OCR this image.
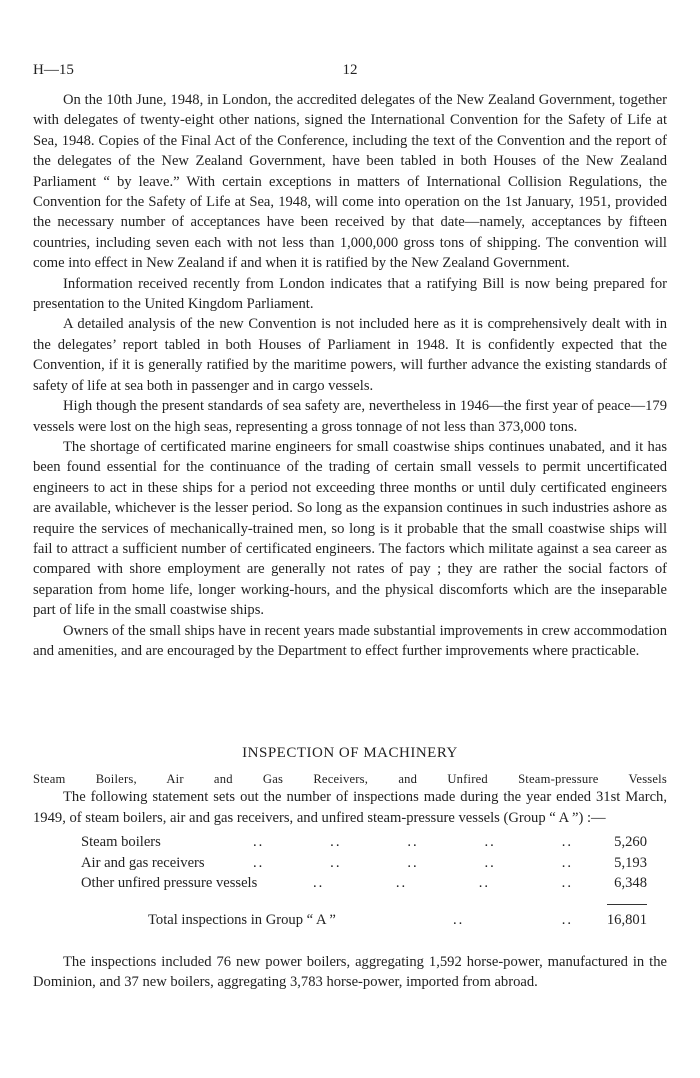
H—15	12

On the 10th June, 1948, in London, the accredited delegates of the New Zealand Government, together with delegates of twenty-eight other nations, signed the International Convention for the Safety of Life at Sea, 1948. Copies of the Final Act of the Conference, including the text of the Convention and the report of the delegates of the New Zealand Government, have been tabled in both Houses of the New Zealand Parliament “ by leave.” With certain exceptions in matters of International Collision Regulations, the Convention for the Safety of Life at Sea, 1948, will come into operation on the 1st January, 1951, provided the necessary number of acceptances have been received by that date—namely, acceptances by fifteen countries, including seven each with not less than 1,000,000 gross tons of shipping. The convention will come into effect in New Zealand if and when it is ratified by the New Zealand Government.

Information received recently from London indicates that a ratifying Bill is now being prepared for presentation to the United Kingdom Parliament.

A detailed analysis of the new Convention is not included here as it is comprehensively dealt with in the delegates’ report tabled in both Houses of Parliament in 1948. It is confidently expected that the Convention, if it is generally ratified by the maritime powers, will further advance the existing standards of safety of life at sea both in passenger and in cargo vessels.

High though the present standards of sea safety are, nevertheless in 1946—the first year of peace—179 vessels were lost on the high seas, representing a gross tonnage of not less than 373,000 tons.

The shortage of certificated marine engineers for small coastwise ships continues unabated, and it has been found essential for the continuance of the trading of certain small vessels to permit uncertificated engineers to act in these ships for a period not exceeding three months or until duly certificated engineers are available, whichever is the lesser period. So long as the expansion continues in such industries ashore as require the services of mechanically-trained men, so long is it probable that the small coastwise ships will fail to attract a sufficient number of certificated engineers. The factors which militate against a sea career as compared with shore employment are generally not rates of pay ; they are rather the social factors of separation from home life, longer working-hours, and the physical discomforts which are the inseparable part of life in the small coastwise ships.

Owners of the small ships have in recent years made substantial improvements in crew accommodation and amenities, and are encouraged by the Department to effect further improvements where practicable.

INSPECTION OF MACHINERY
Steam Boilers, Air and Gas Receivers, and Unfired Steam-pressure Vessels

The following statement sets out the number of inspections made during the year ended 31st March, 1949, of steam boilers, air and gas receivers, and unfired steam-pressure vessels (Group “ A ”) :—

Steam boilers	..	..	..	..	..	5,260
Air and gas receivers	..	..	..	..	..	5,193
Other unfired pressure vessels	..	..	..	..	6,348
Total inspections in Group “ A ”	..	.. 16,801

The inspections included 76 new power boilers, aggregating 1,592 horse-power, manufactured in the Dominion, and 37 new boilers, aggregating 3,783 horse-power, imported from abroad.
